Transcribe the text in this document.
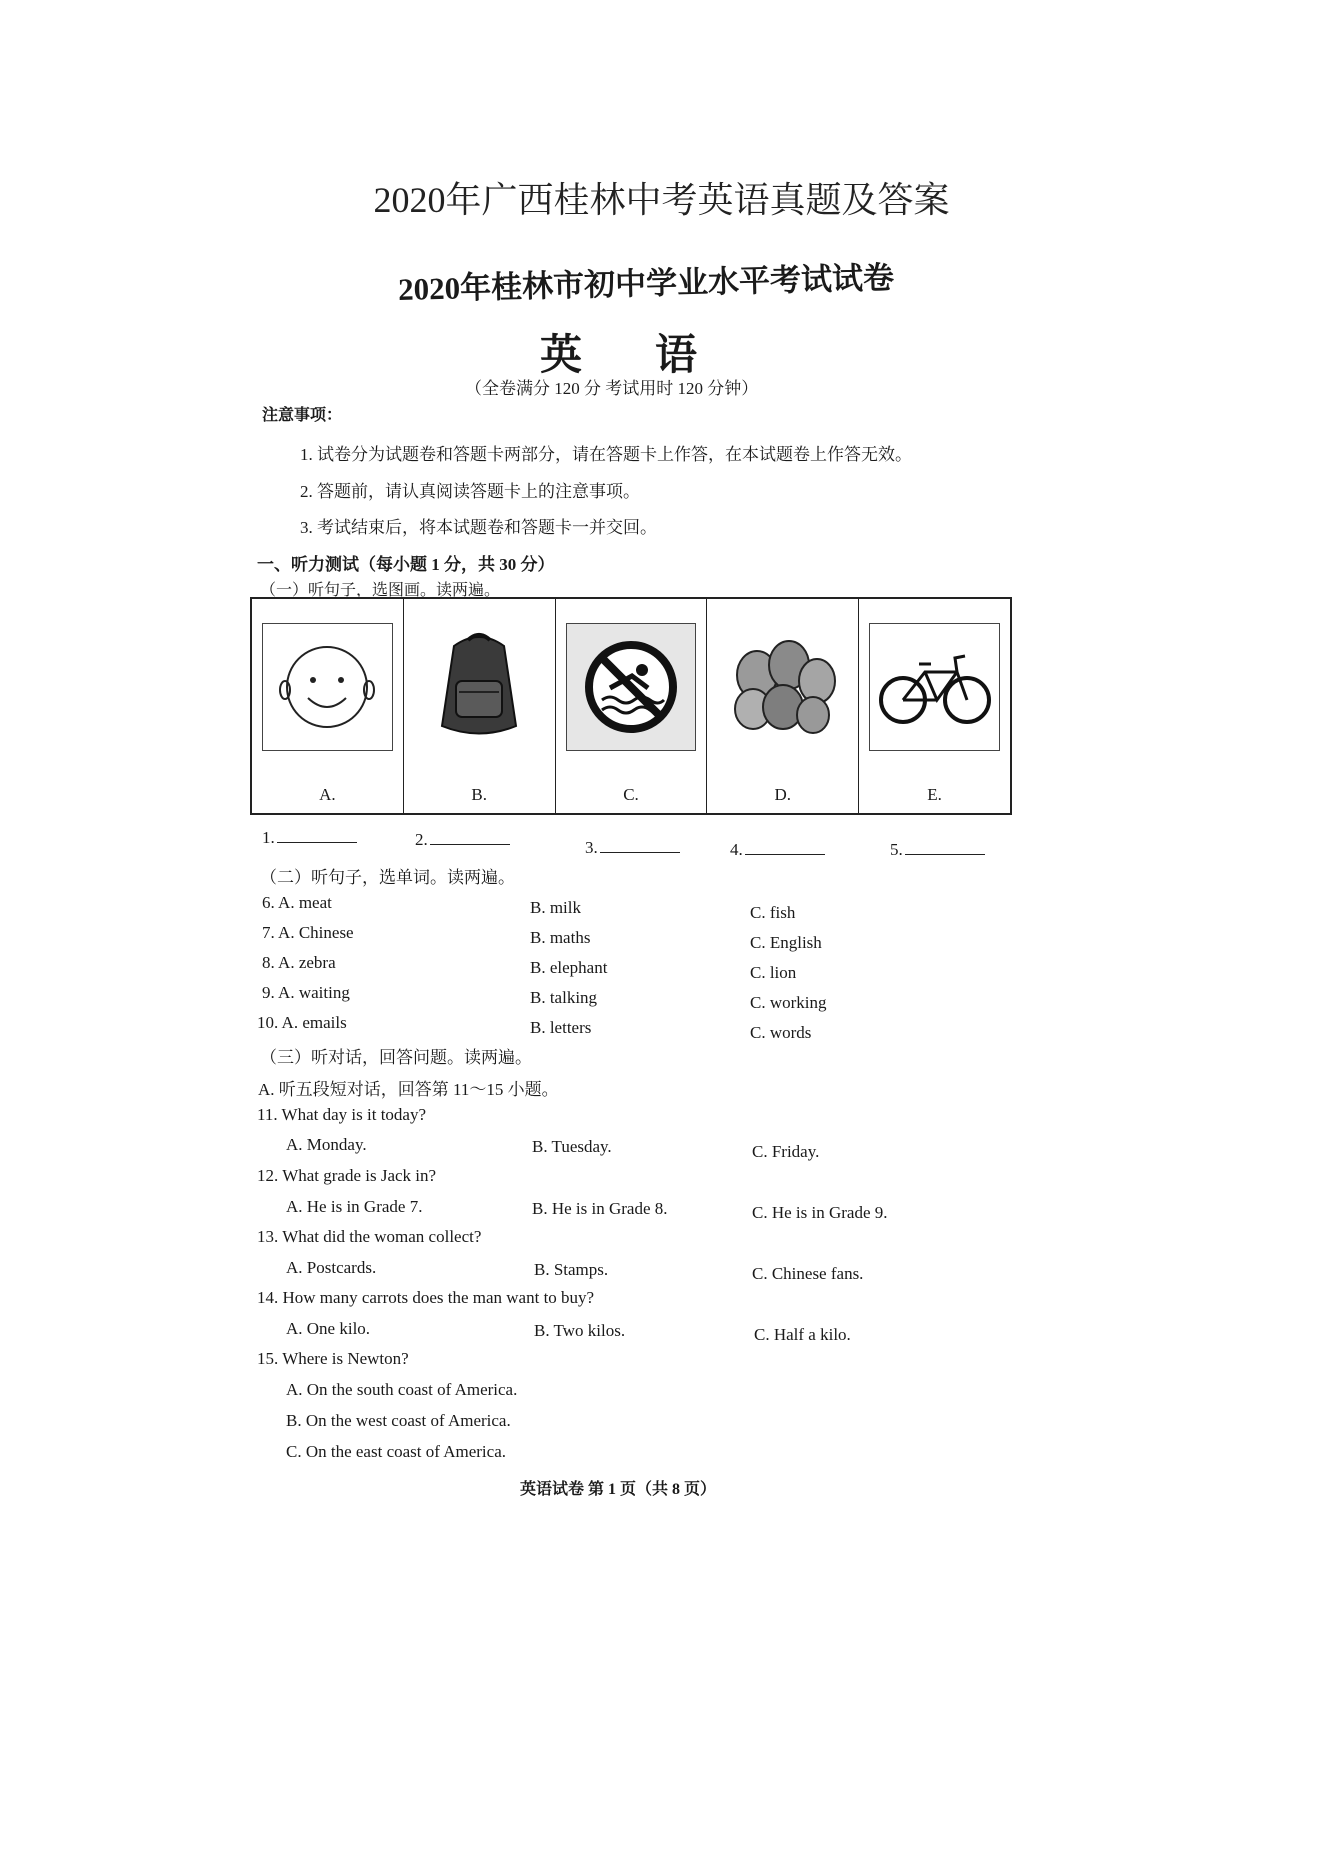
2020年广西桂林中考英语真题及答案
2020年桂林市初中学业水平考试试卷
英 语
（全卷满分 120 分 考试用时 120 分钟）
注意事项：
1. 试卷分为试题卷和答题卡两部分，请在答题卡上作答，在本试题卷上作答无效。
2. 答题前，请认真阅读答题卡上的注意事项。
3. 考试结束后，将本试题卷和答题卡一并交回。
一、听力测试（每小题 1 分，共 30 分）
（一）听句子，选图画。读两遍。
A.	B.	C.	D.	E.
1.	2.	3.	4.	5.
（二）听句子，选单词。读两遍。
6. A. meat	B. milk	C. fish
7. A. Chinese	B. maths	C. English
8. A. zebra	B. elephant	C. lion
9. A. waiting	B. talking	C. working
10. A. emails	B. letters	C. words
（三）听对话，回答问题。读两遍。
A. 听五段短对话，回答第 11～15 小题。
11. What day is it today?
A. Monday.	B. Tuesday.	C. Friday.
12. What grade is Jack in?
A. He is in Grade 7.	B. He is in Grade 8.	C. He is in Grade 9.
13. What did the woman collect?
A. Postcards.	B. Stamps.	C. Chinese fans.
14. How many carrots does the man want to buy?
A. One kilo.	B. Two kilos.	C. Half a kilo.
15. Where is Newton?
A. On the south coast of America.
B. On the west coast of America.
C. On the east coast of America.
英语试卷 第 1 页（共 8 页）
